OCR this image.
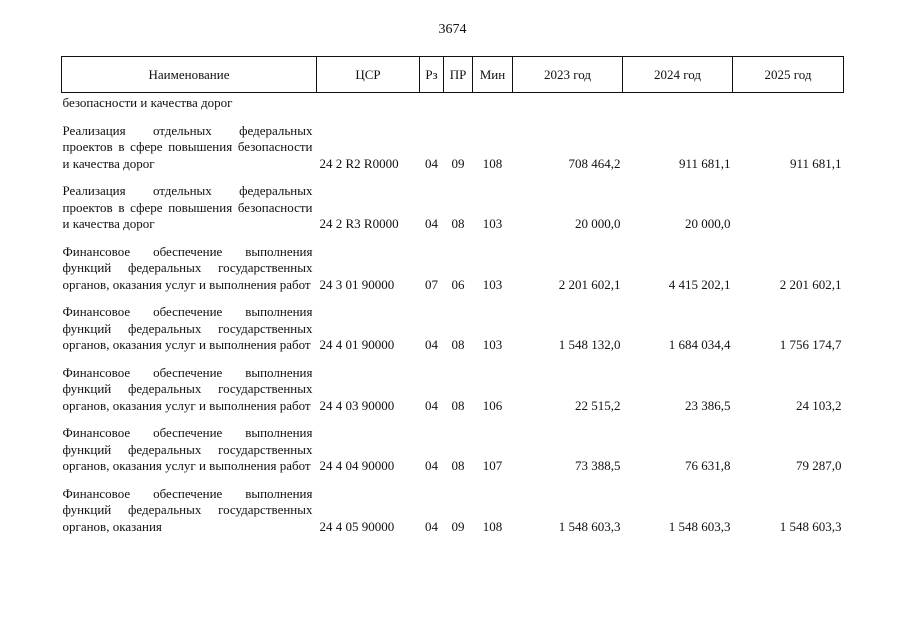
3674
Наименование	ЦСР	Рз	ПР	Мин	2023 год	2024 год	2025 год
безопасности и качества дорог							

Реализация отдельных федеральных проектов в сфере повышения безопасности и качества дорог	24 2 R2 R0000	04	09	108	708 464,2	911 681,1	911 681,1

Реализация отдельных федеральных проектов в сфере повышения безопасности и качества дорог	24 2 R3 R0000	04	08	103	20 000,0	20 000,0	

Финансовое обеспечение выполнения функций федеральных государственных органов, оказания услуг и выполнения работ	24 3 01 90000	07	06	103	2 201 602,1	4 415 202,1	2 201 602,1

Финансовое обеспечение выполнения функций федеральных государственных органов, оказания услуг и выполнения работ	24 4 01 90000	04	08	103	1 548 132,0	1 684 034,4	1 756 174,7

Финансовое обеспечение выполнения функций федеральных государственных органов, оказания услуг и выполнения работ	24 4 03 90000	04	08	106	22 515,2	23 386,5	24 103,2

Финансовое обеспечение выполнения функций федеральных государственных органов, оказания услуг и выполнения работ	24 4 04 90000	04	08	107	73 388,5	76 631,8	79 287,0

Финансовое обеспечение выполнения функций федеральных государственных органов, оказания	24 4 05 90000	04	09	108	1 548 603,3	1 548 603,3	1 548 603,3
